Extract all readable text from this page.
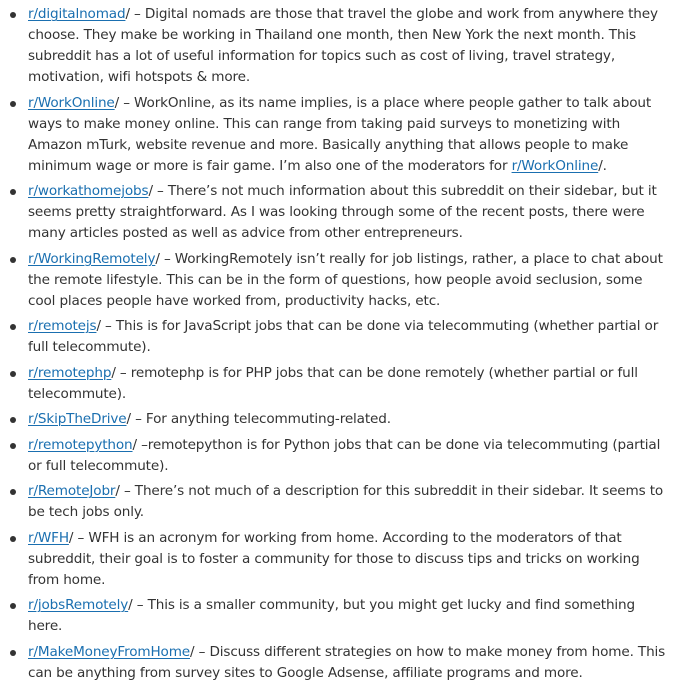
r/digitalnomad/ – Digital nomads are those that travel the globe and work from anywhere they choose. They make be working in Thailand one month, then New York the next month. This subreddit has a lot of useful information for topics such as cost of living, travel strategy, motivation, wifi hotspots & more.
r/WorkOnline/ – WorkOnline, as its name implies, is a place where people gather to talk about ways to make money online. This can range from taking paid surveys to monetizing with Amazon mTurk, website revenue and more. Basically anything that allows people to make minimum wage or more is fair game. I’m also one of the moderators for r/WorkOnline/.
r/workathomejobs/ – There’s not much information about this subreddit on their sidebar, but it seems pretty straightforward. As I was looking through some of the recent posts, there were many articles posted as well as advice from other entrepreneurs.
r/WorkingRemotely/ – WorkingRemotely isn’t really for job listings, rather, a place to chat about the remote lifestyle. This can be in the form of questions, how people avoid seclusion, some cool places people have worked from, productivity hacks, etc.
r/remotejs/ – This is for JavaScript jobs that can be done via telecommuting (whether partial or full telecommute).
r/remotephp/ – remotephp is for PHP jobs that can be done remotely (whether partial or full telecommute).
r/SkipTheDrive/ – For anything telecommuting-related.
r/remotepython/ –remotepython is for Python jobs that can be done via telecommuting (partial or full telecommute).
r/RemoteJobr/ – There’s not much of a description for this subreddit in their sidebar. It seems to be tech jobs only.
r/WFH/ – WFH is an acronym for working from home. According to the moderators of that subreddit, their goal is to foster a community for those to discuss tips and tricks on working from home.
r/jobsRemotely/ – This is a smaller community, but you might get lucky and find something here.
r/MakeMoneyFromHome/ – Discuss different strategies on how to make money from home. This can be anything from survey sites to Google Adsense, affiliate programs and more.
